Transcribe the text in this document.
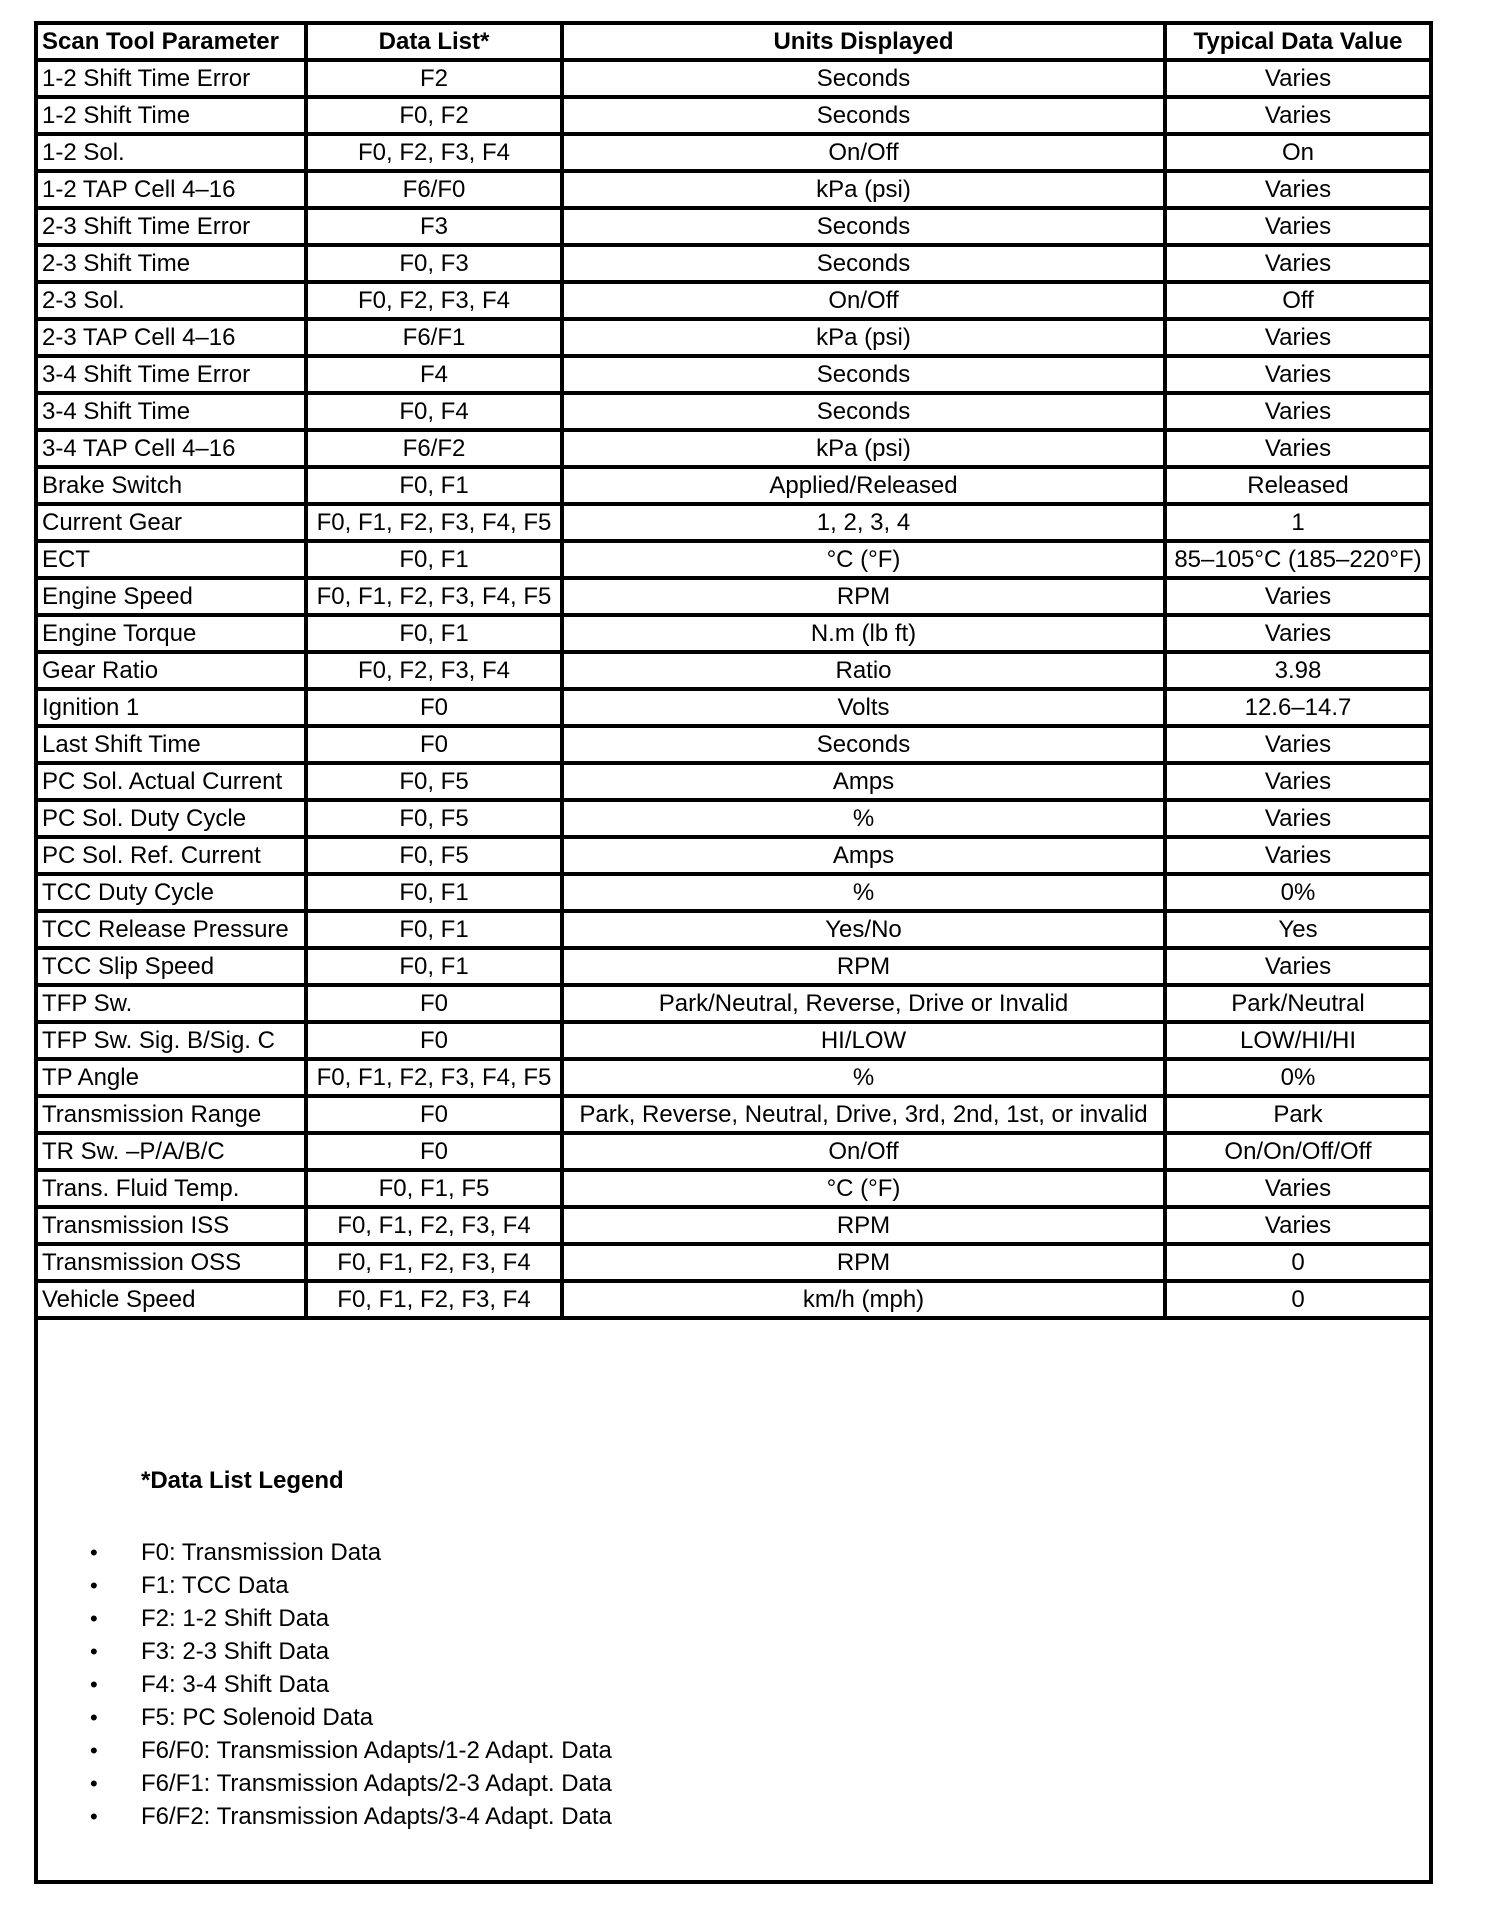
Scan Tool Parameter	Data List*	Units Displayed	Typical Data Value
1-2 Shift Time Error	F2	Seconds	Varies
1-2 Shift Time	F0, F2	Seconds	Varies
1-2 Sol.	F0, F2, F3, F4	On/Off	On
1-2 TAP Cell 4–16	F6/F0	kPa (psi)	Varies
2-3 Shift Time Error	F3	Seconds	Varies
2-3 Shift Time	F0, F3	Seconds	Varies
2-3 Sol.	F0, F2, F3, F4	On/Off	Off
2-3 TAP Cell 4–16	F6/F1	kPa (psi)	Varies
3-4 Shift Time Error	F4	Seconds	Varies
3-4 Shift Time	F0, F4	Seconds	Varies
3-4 TAP Cell 4–16	F6/F2	kPa (psi)	Varies
Brake Switch	F0, F1	Applied/Released	Released
Current Gear	F0, F1, F2, F3, F4, F5	1, 2, 3, 4	1
ECT	F0, F1	°C (°F)	85–105°C (185–220°F)
Engine Speed	F0, F1, F2, F3, F4, F5	RPM	Varies
Engine Torque	F0, F1	N.m (lb ft)	Varies
Gear Ratio	F0, F2, F3, F4	Ratio	3.98
Ignition 1	F0	Volts	12.6–14.7
Last Shift Time	F0	Seconds	Varies
PC Sol. Actual Current	F0, F5	Amps	Varies
PC Sol. Duty Cycle	F0, F5	%	Varies
PC Sol. Ref. Current	F0, F5	Amps	Varies
TCC Duty Cycle	F0, F1	%	0%
TCC Release Pressure	F0, F1	Yes/No	Yes
TCC Slip Speed	F0, F1	RPM	Varies
TFP Sw.	F0	Park/Neutral, Reverse, Drive or Invalid	Park/Neutral
TFP Sw. Sig. B/Sig. C	F0	HI/LOW	LOW/HI/HI
TP Angle	F0, F1, F2, F3, F4, F5	%	0%
Transmission Range	F0	Park, Reverse, Neutral, Drive, 3rd, 2nd, 1st, or invalid	Park
TR Sw. –P/A/B/C	F0	On/Off	On/On/Off/Off
Trans. Fluid Temp.	F0, F1, F5	°C (°F)	Varies
Transmission ISS	F0, F1, F2, F3, F4	RPM	Varies
Transmission OSS	F0, F1, F2, F3, F4	RPM	0
Vehicle Speed	F0, F1, F2, F3, F4	km/h (mph)	0

*Data List Legend

• F0: Transmission Data
• F1: TCC Data
• F2: 1-2 Shift Data
• F3: 2-3 Shift Data
• F4: 3-4 Shift Data
• F5: PC Solenoid Data
• F6/F0: Transmission Adapts/1-2 Adapt. Data
• F6/F1: Transmission Adapts/2-3 Adapt. Data
• F6/F2: Transmission Adapts/3-4 Adapt. Data
